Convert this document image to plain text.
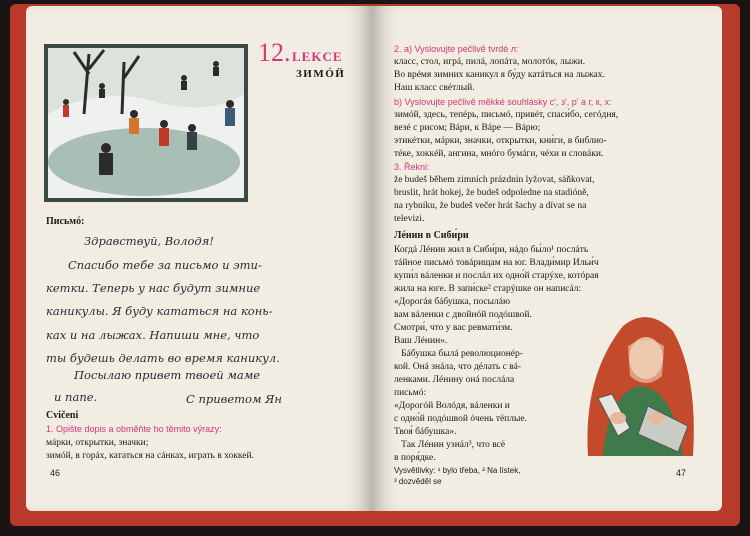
12. LEKCE
ЗИМÓЙ
Письмó:
Здравствуй, Володя!
Спасибо тебе за письмо и эти-
кетки. Теперь у нас будут зимние
каникулы. Я буду кататься на конь-
ках и на лыжах. Напиши мне, что
ты будешь делать во время каникул.
Посылаю привет твоей маме
и папе.	С приветом Ян
Cvičení
1. Opište dopis a obměňte ho těmito výrazy:
мáрки, открытки, значки;
зимóй, в горáх, кататься на сáнках, играть в хоккей.
46
2. a) Vyslovujte pečlivě tvrdé л:
класс, стол, игрá, пилá, лопáта, молотóк, лыжи.
Во врéмя зимних каникул я бу́ду катáться на лыжах.
Наш класс свéтлый.
b) Vyslovujte pečlivě měkké souhlásky с', з', р' a г, к, х:
зимóй, здесь, тепéрь, письмó, привéт, спаси́бо, сегóдня,
везé с рисом; Вáри, к Вáре — Вáрю;
этикéтки, мáрки, значки, открытки, кни́ги, в библио-
тéке, хоккéй, ангина, мнóго бумáги, чéхи и словáки.
3. Řekni:
že budeš během zimních prázdnin lyžovat, sáňkovat,
bruslit, hrát hokej, že budeš odpoledne na stadióně,
na rybníku, že budeš večer hrát šachy a dívat se na
televizi.
Лéнин в Сиби́ри
Когдá Лéнин жил в Сиби́ри, нáдо бы́ло¹ послáть
тáйное письмó товáрищам на юг. Влади́мир Ильи́ч
купи́л вáленки и послáл их одно́й старýхе, котóрая
жила на юге. В запи́ске² старýшке он написáл:
«Дорогáя бáбушка, посылáю
вам вáленки с двойнóй подóшвой.
Смотри́, что у вас ревмати́зм.
Ваш Лéнин».
Бáбушка былá революционéр-
кой. Онá знáла, что дéлать с вá-
ленками. Лéнину онá послáла
письмó:
«Дорогóй Волóдя, вáленки и
с одно́й подóшвой óчень тёплые.
Твоя́ бáбушка».
Так Лéнин узнáл³, что всё
в поря́дке.
Vysvětlivky: ¹ bylo třeba, ² Na lístek,
³ dozvěděl se
47
